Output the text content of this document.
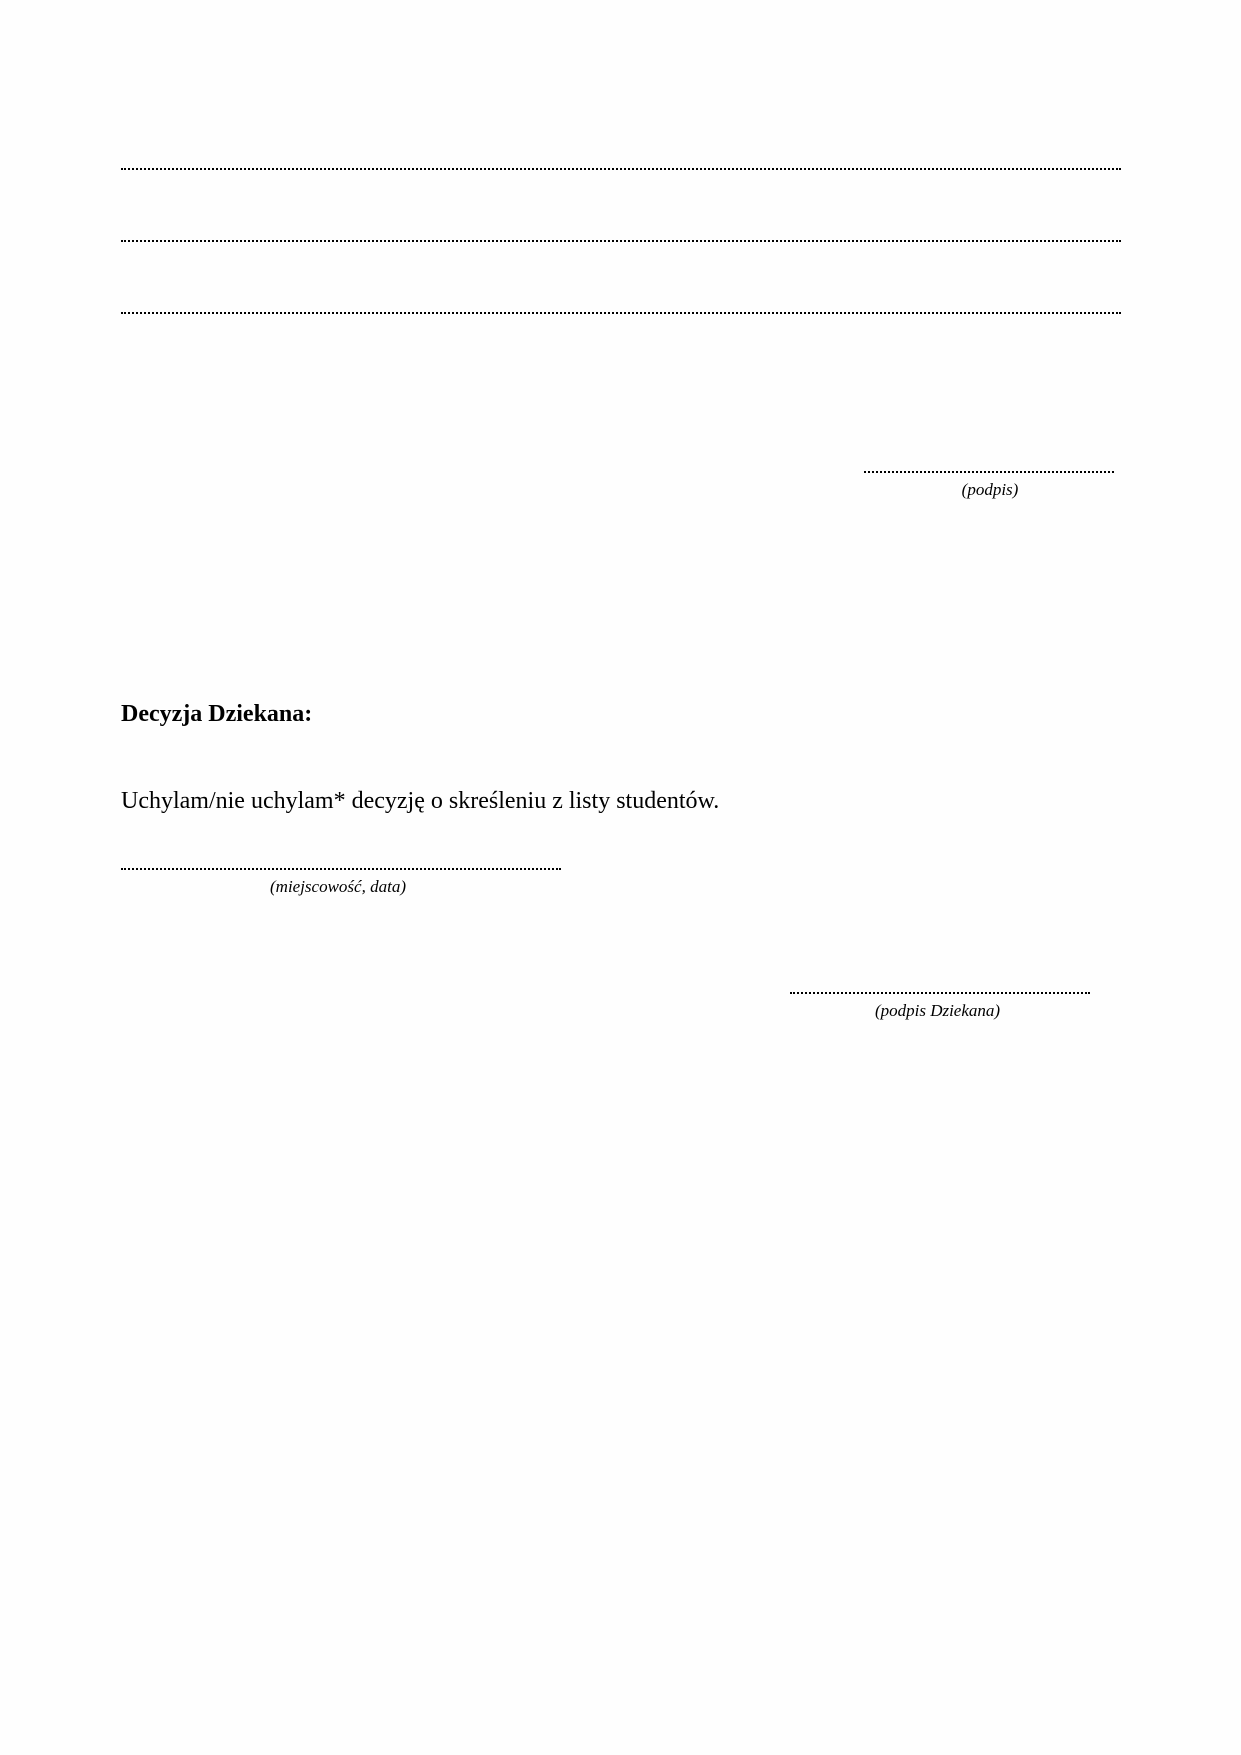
(podpis)
Decyzja Dziekana:
Uchylam/nie uchylam* decyzję o skreśleniu z listy studentów.
(miejscowość, data)
(podpis Dziekana)
